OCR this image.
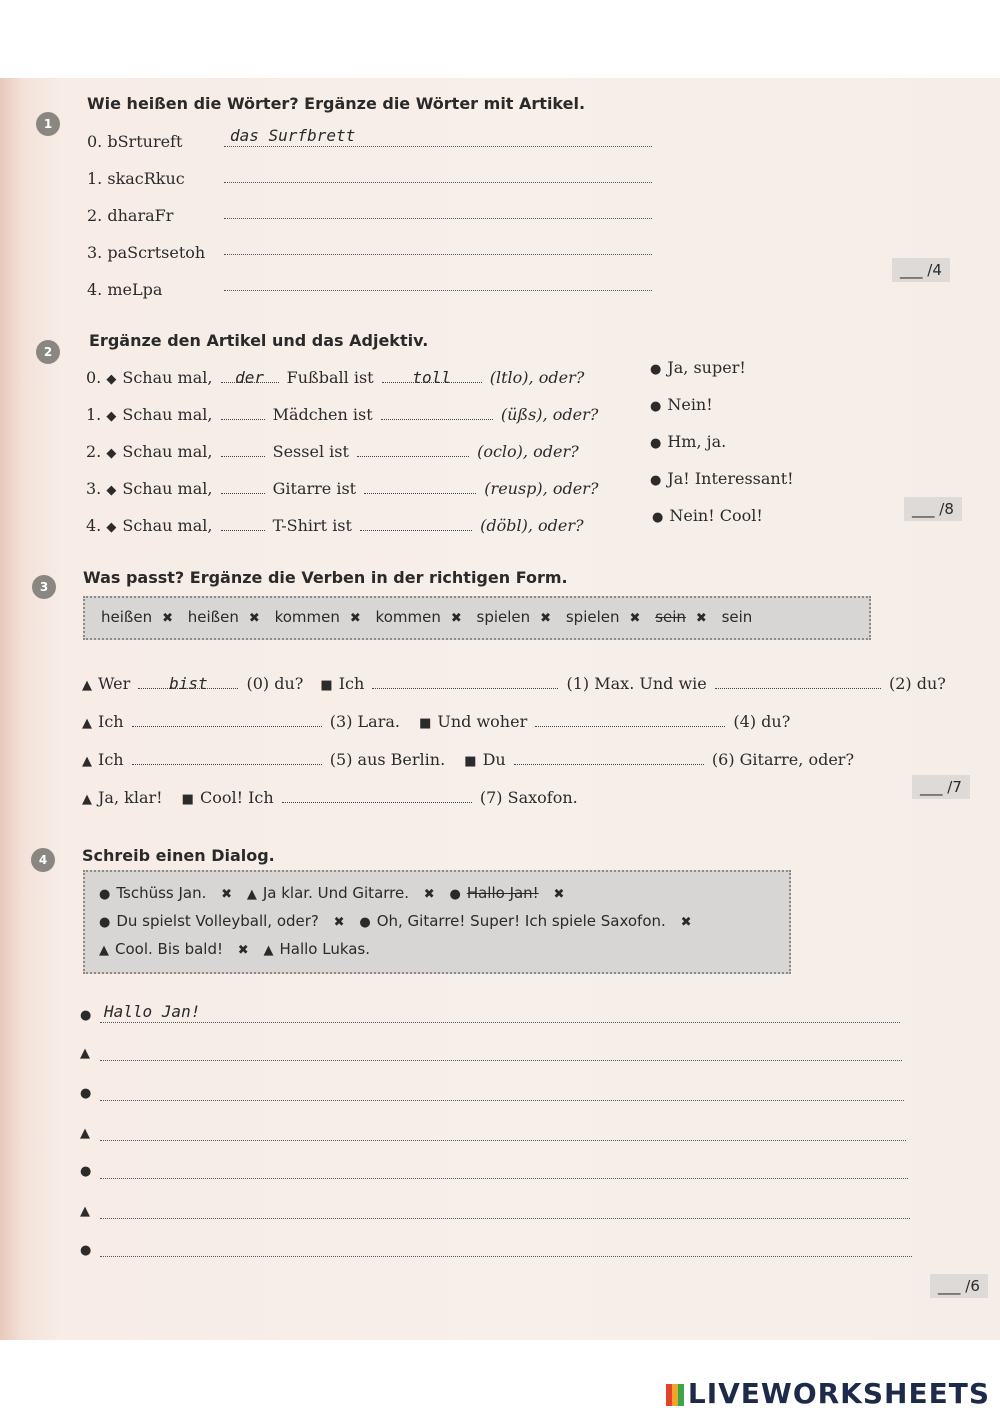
1
Wie heißen die Wörter? Ergänze die Wörter mit Artikel.
0. bSrtureft	das Surfbrett
1. skacRkuc
2. dharaFr
3. paScrtsetoh
4. meLpa
___ /4
2
Ergänze den Artikel und das Adjektiv.
0. ◆ Schau mal, der Fußball ist toll (ltlo), oder?	● Ja, super!
1. ◆ Schau mal,	Mädchen ist	(üßs), oder?	● Nein!
2. ◆ Schau mal,	Sessel ist	(oclo), oder?	● Hm, ja.
3. ◆ Schau mal,	Gitarre ist	(reusp), oder?	● Ja! Interessant!
4. ◆ Schau mal,	T-Shirt ist	(döbl), oder?	● Nein! Cool!	___ /8
3	Was passt? Ergänze die Verben in der richtigen Form.
heißen ✖ heißen ✖ kommen ✖ kommen ✖ spielen ✖ spielen ✖ sein ✖ sein
▲ Wer bist (0) du? ■ Ich	(1) Max. Und wie	(2) du?
▲ Ich	(3) Lara. ■ Und woher	(4) du?
▲ Ich	(5) aus Berlin. ■ Du	(6) Gitarre, oder?
▲ Ja, klar! ■ Cool! Ich	(7) Saxofon.
___ /7
4	Schreib einen Dialog.
● Tschüss Jan. ✖ ▲ Ja klar. Und Gitarre. ✖ ● Hallo Jan! ✖
● Du spielst Volleyball, oder? ✖ ● Oh, Gitarre! Super! Ich spiele Saxofon. ✖
▲ Cool. Bis bald! ✖ ▲ Hallo Lukas.
● Hallo Jan!
▲
●
▲
●
▲
●
___ /6
LIVEWORKSHEETS
